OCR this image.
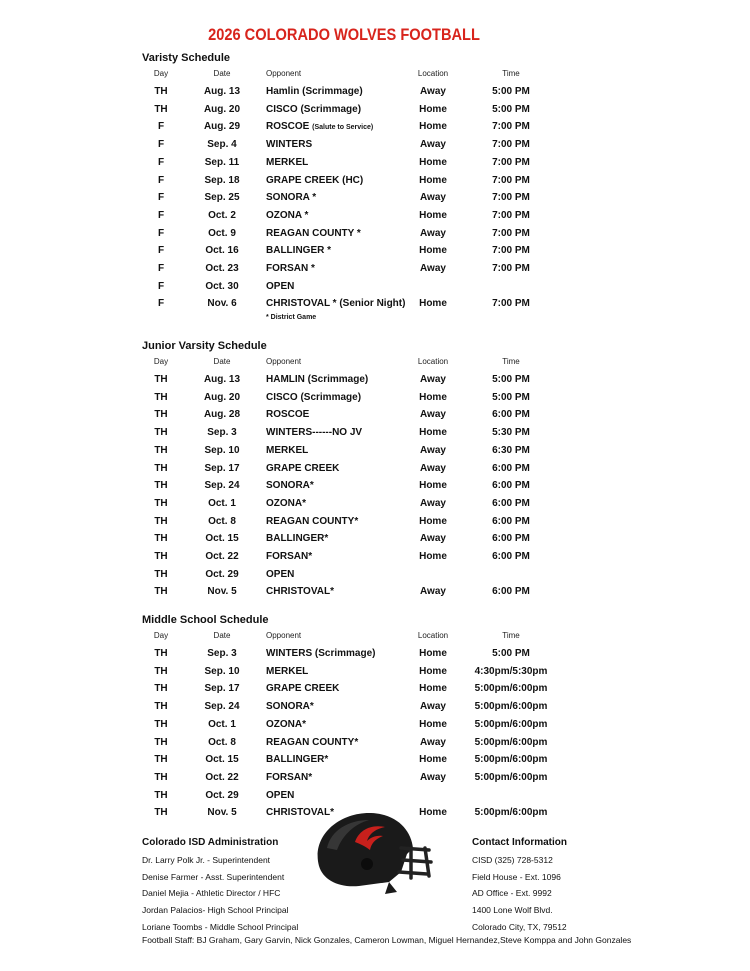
2026 COLORADO WOLVES FOOTBALL
Varisty Schedule
Day	Date	Opponent	Location	Time
TH	Aug. 13	Hamlin (Scrimmage)	Away	5:00 PM
TH	Aug. 20	CISCO (Scrimmage)	Home	5:00 PM
F	Aug. 29	ROSCOE (Salute to Service)	Home	7:00 PM
F	Sep. 4	WINTERS	Away	7:00 PM
F	Sep. 11	MERKEL	Home	7:00 PM
F	Sep. 18	GRAPE CREEK (HC)	Home	7:00 PM
F	Sep. 25	SONORA *	Away	7:00 PM
F	Oct. 2	OZONA *	Home	7:00 PM
F	Oct. 9	REAGAN COUNTY *	Away	7:00 PM
F	Oct. 16	BALLINGER *	Home	7:00 PM
F	Oct. 23	FORSAN *	Away	7:00 PM
F	Oct. 30	OPEN
F	Nov. 6	CHRISTOVAL * (Senior Night)	Home	7:00 PM
* District Game
Junior Varsity Schedule
Day	Date	Opponent	Location	Time
TH	Aug. 13	HAMLIN (Scrimmage)	Away	5:00 PM
TH	Aug. 20	CISCO (Scrimmage)	Home	5:00 PM
TH	Aug. 28	ROSCOE	Away	6:00 PM
TH	Sep. 3	WINTERS------NO JV	Home	5:30 PM
TH	Sep. 10	MERKEL	Away	6:30 PM
TH	Sep. 17	GRAPE CREEK	Away	6:00 PM
TH	Sep. 24	SONORA*	Home	6:00 PM
TH	Oct. 1	OZONA*	Away	6:00 PM
TH	Oct. 8	REAGAN COUNTY*	Home	6:00 PM
TH	Oct. 15	BALLINGER*	Away	6:00 PM
TH	Oct. 22	FORSAN*	Home	6:00 PM
TH	Oct. 29	OPEN
TH	Nov. 5	CHRISTOVAL*	Away	6:00 PM
Middle School Schedule
Day	Date	Opponent	Location	Time
TH	Sep. 3	WINTERS (Scrimmage)	Home	5:00 PM
TH	Sep. 10	MERKEL	Home	4:30pm/5:30pm
TH	Sep. 17	GRAPE CREEK	Home	5:00pm/6:00pm
TH	Sep. 24	SONORA*	Away	5:00pm/6:00pm
TH	Oct. 1	OZONA*	Home	5:00pm/6:00pm
TH	Oct. 8	REAGAN COUNTY*	Away	5:00pm/6:00pm
TH	Oct. 15	BALLINGER*	Home	5:00pm/6:00pm
TH	Oct. 22	FORSAN*	Away	5:00pm/6:00pm
TH	Oct. 29	OPEN
TH	Nov. 5	CHRISTOVAL*	Home	5:00pm/6:00pm
Colorado ISD Administration
Dr. Larry Polk Jr. - Superintendent
Denise Farmer - Asst. Superintendent
Daniel Mejia - Athletic Director / HFC
Jordan Palacios- High School Principal
Loriane Toombs - Middle School Principal
Contact Information
CISD (325) 728-5312
Field House - Ext. 1096
AD Office - Ext. 9992
1400 Lone Wolf Blvd.
Colorado City, TX, 79512
Football Staff: BJ Graham, Gary Garvin, Nick Gonzales, Cameron Lowman, Miguel Hernandez,Steve Komppa and John Gonzales
